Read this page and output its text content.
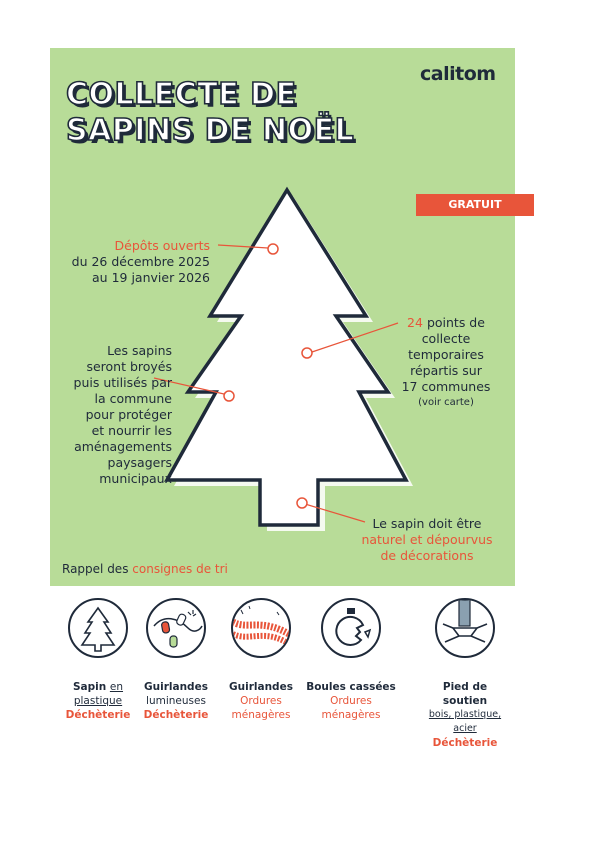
COLLECTE DE
SAPINS DE NOËL
calitom
GRATUIT
Dépôts ouverts
du 26 décembre 2025
au 19 janvier 2026
24 points de
collecte
temporaires
répartis sur
17 communes
(voir carte)
Les sapins
seront broyés
puis utilisés par
la commune
pour protéger
et nourrir les
aménagements
paysagers
municipaux
Le sapin doit être
naturel et dépourvus
de décorations
Rappel des consignes de tri
Sapin en
plastique
Déchèterie
Guirlandes
lumineuses
Déchèterie
Guirlandes
Ordures
ménagères
Boules cassées
Ordures
ménagères
Pied de soutien
bois, plastique, acier
Déchèterie
